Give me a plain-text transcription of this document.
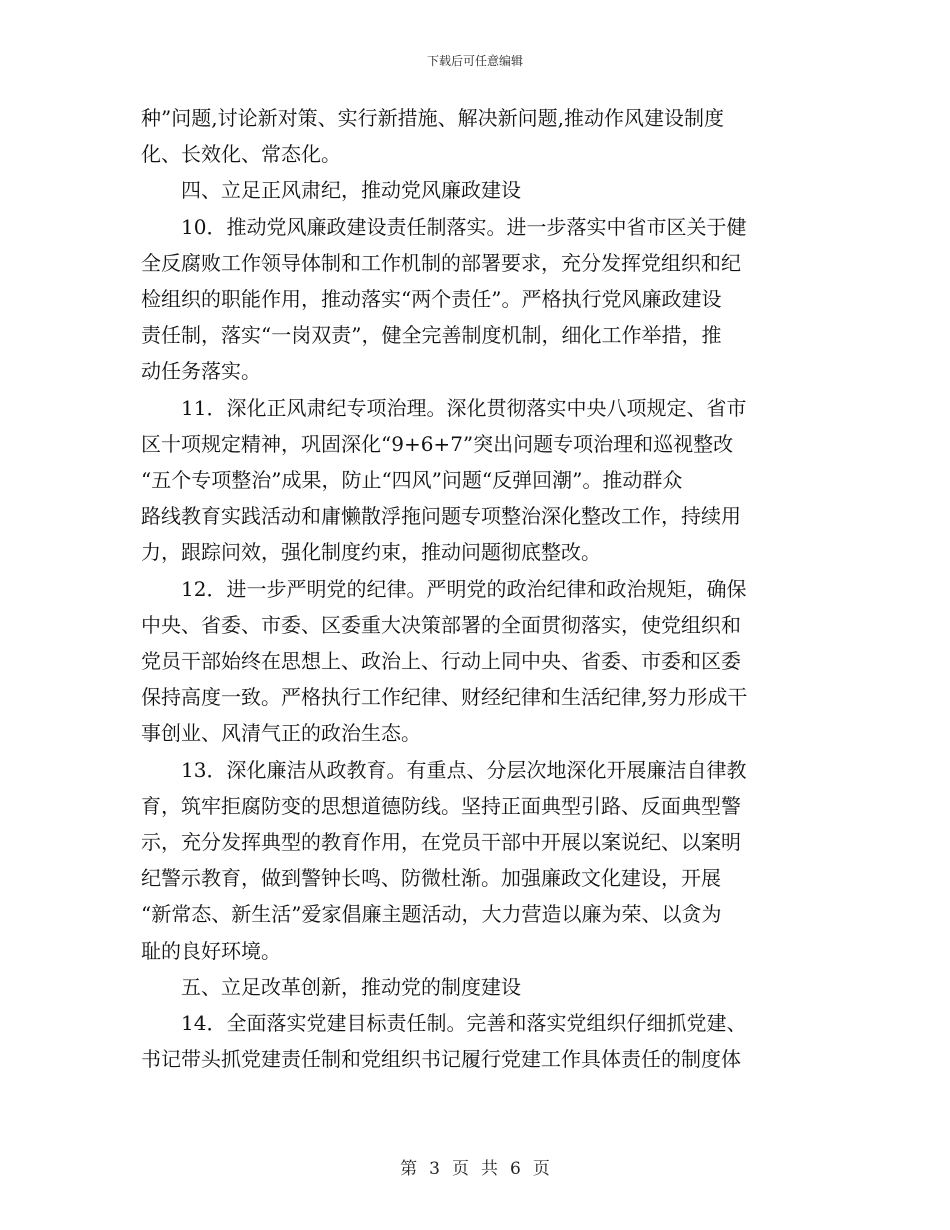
下载后可任意编辑

种”问题,讨论新对策、实行新措施、解决新问题,推动作风建设制度

化、长效化、常态化。

　　四、立足正风肃纪，推动党风廉政建设

　　10．推动党风廉政建设责任制落实。进一步落实中省市区关于健

全反腐败工作领导体制和工作机制的部署要求，充分发挥党组织和纪

检组织的职能作用，推动落实“两个责任”。严格执行党风廉政建设

责任制，落实“一岗双责”，健全完善制度机制，细化工作举措，推

动任务落实。

　　11．深化正风肃纪专项治理。深化贯彻落实中央八项规定、省市

区十项规定精神，巩固深化“9+6+7”突出问题专项治理和巡视整改

“五个专项整治”成果，防止“四风”问题“反弹回潮”。推动群众

路线教育实践活动和庸懒散浮拖问题专项整治深化整改工作，持续用

力，跟踪问效，强化制度约束，推动问题彻底整改。

　　12．进一步严明党的纪律。严明党的政治纪律和政治规矩，确保

中央、省委、市委、区委重大决策部署的全面贯彻落实，使党组织和

党员干部始终在思想上、政治上、行动上同中央、省委、市委和区委

保持高度一致。严格执行工作纪律、财经纪律和生活纪律,努力形成干

事创业、风清气正的政治生态。

　　13．深化廉洁从政教育。有重点、分层次地深化开展廉洁自律教

育，筑牢拒腐防变的思想道德防线。坚持正面典型引路、反面典型警

示，充分发挥典型的教育作用，在党员干部中开展以案说纪、以案明

纪警示教育，做到警钟长鸣、防微杜渐。加强廉政文化建设，开展

“新常态、新生活”爱家倡廉主题活动，大力营造以廉为荣、以贪为

耻的良好环境。

　　五、立足改革创新，推动党的制度建设

　　14．全面落实党建目标责任制。完善和落实党组织仔细抓党建、

书记带头抓党建责任制和党组织书记履行党建工作具体责任的制度体

第 3 页 共 6 页
